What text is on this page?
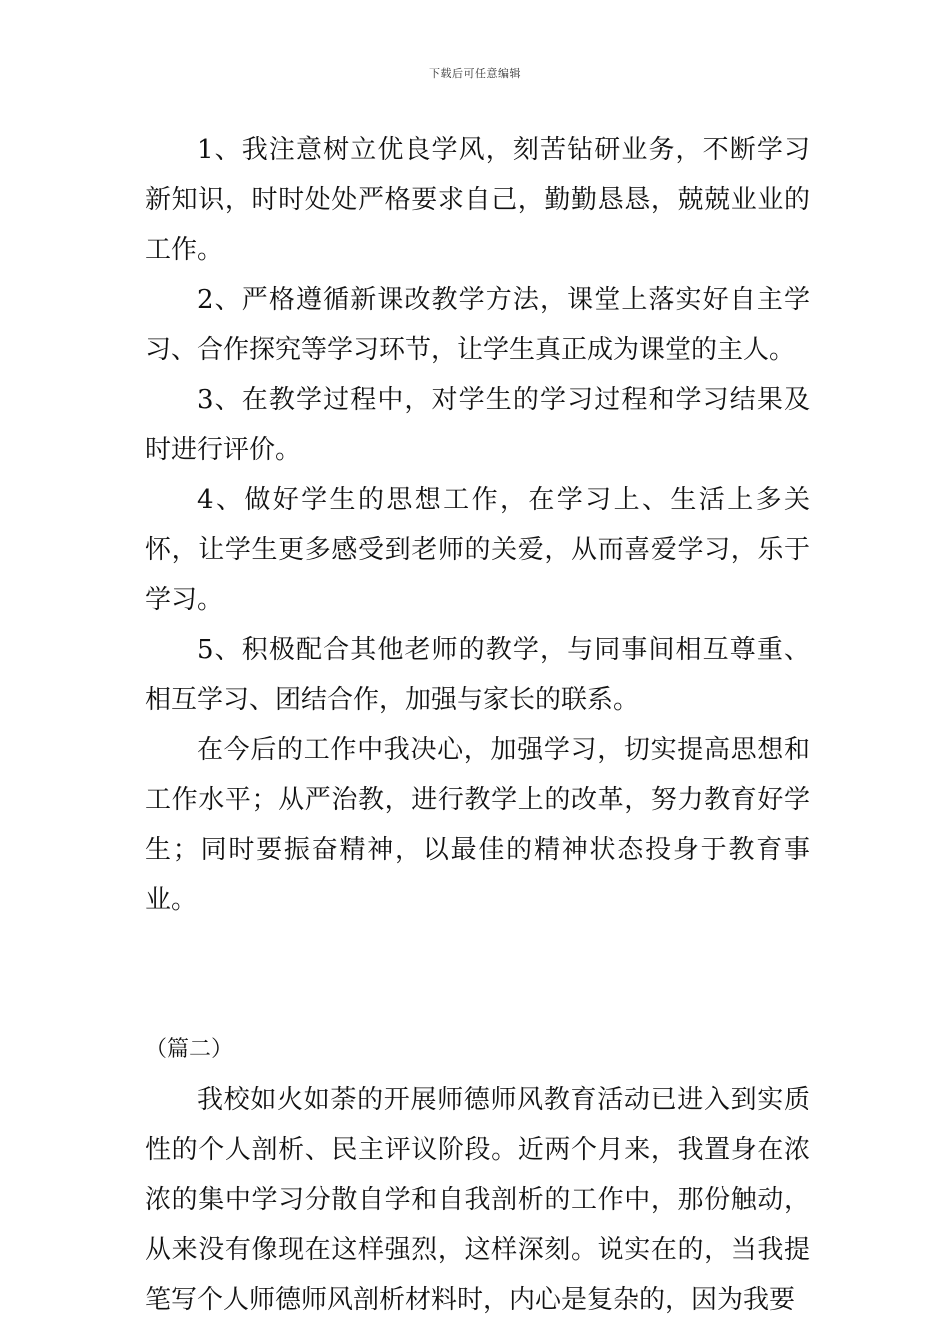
下载后可任意编辑

1、我注意树立优良学风，刻苦钻研业务，不断学习新知识，时时处处严格要求自己，勤勤恳恳，兢兢业业的工作。

2、严格遵循新课改教学方法，课堂上落实好自主学习、合作探究等学习环节，让学生真正成为课堂的主人。

3、在教学过程中，对学生的学习过程和学习结果及时进行评价。

4、做好学生的思想工作，在学习上、生活上多关怀，让学生更多感受到老师的关爱，从而喜爱学习，乐于学习。

5、积极配合其他老师的教学，与同事间相互尊重、相互学习、团结合作，加强与家长的联系。

在今后的工作中我决心，加强学习，切实提高思想和工作水平；从严治教，进行教学上的改革，努力教育好学生；同时要振奋精神，以最佳的精神状态投身于教育事业。

（篇二）

我校如火如荼的开展师德师风教育活动已进入到实质性的个人剖析、民主评议阶段。近两个月来，我置身在浓浓的集中学习分散自学和自我剖析的工作中，那份触动，从来没有像现在这样强烈，这样深刻。说实在的，当我提笔写个人师德师风剖析材料时，内心是复杂的，因为我要
